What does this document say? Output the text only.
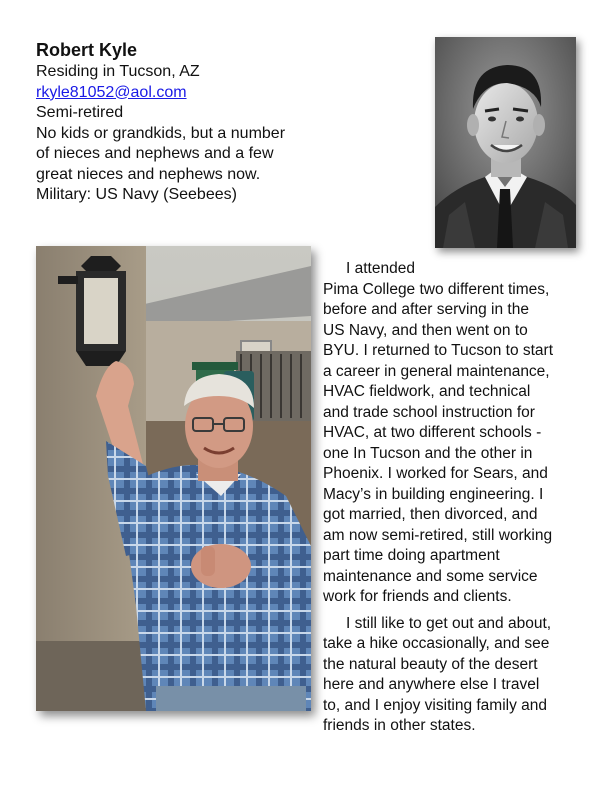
Robert Kyle
Residing in Tucson, AZ
rkyle81052@aol.com
Semi-retired
No kids or grandkids, but a number
of nieces and nephews and a few
great nieces and nephews now.
Military: US Navy (Seebees)

I attended
Pima College two different times,
before and after serving in the
US Navy, and then went on to
BYU. I returned to Tucson to start
a career in general maintenance,
HVAC fieldwork, and technical
and trade school instruction for
HVAC, at two different schools -
one In Tucson and the other in
Phoenix. I worked for Sears, and
Macy’s in building engineering. I
got married, then divorced, and
am now semi-retired, still working
part time doing apartment
maintenance and some service
work for friends and clients.

I still like to get out and about,
take a hike occasionally, and see
the natural beauty of the desert
here and anywhere else I travel
to, and I enjoy visiting family and
friends in other states.
